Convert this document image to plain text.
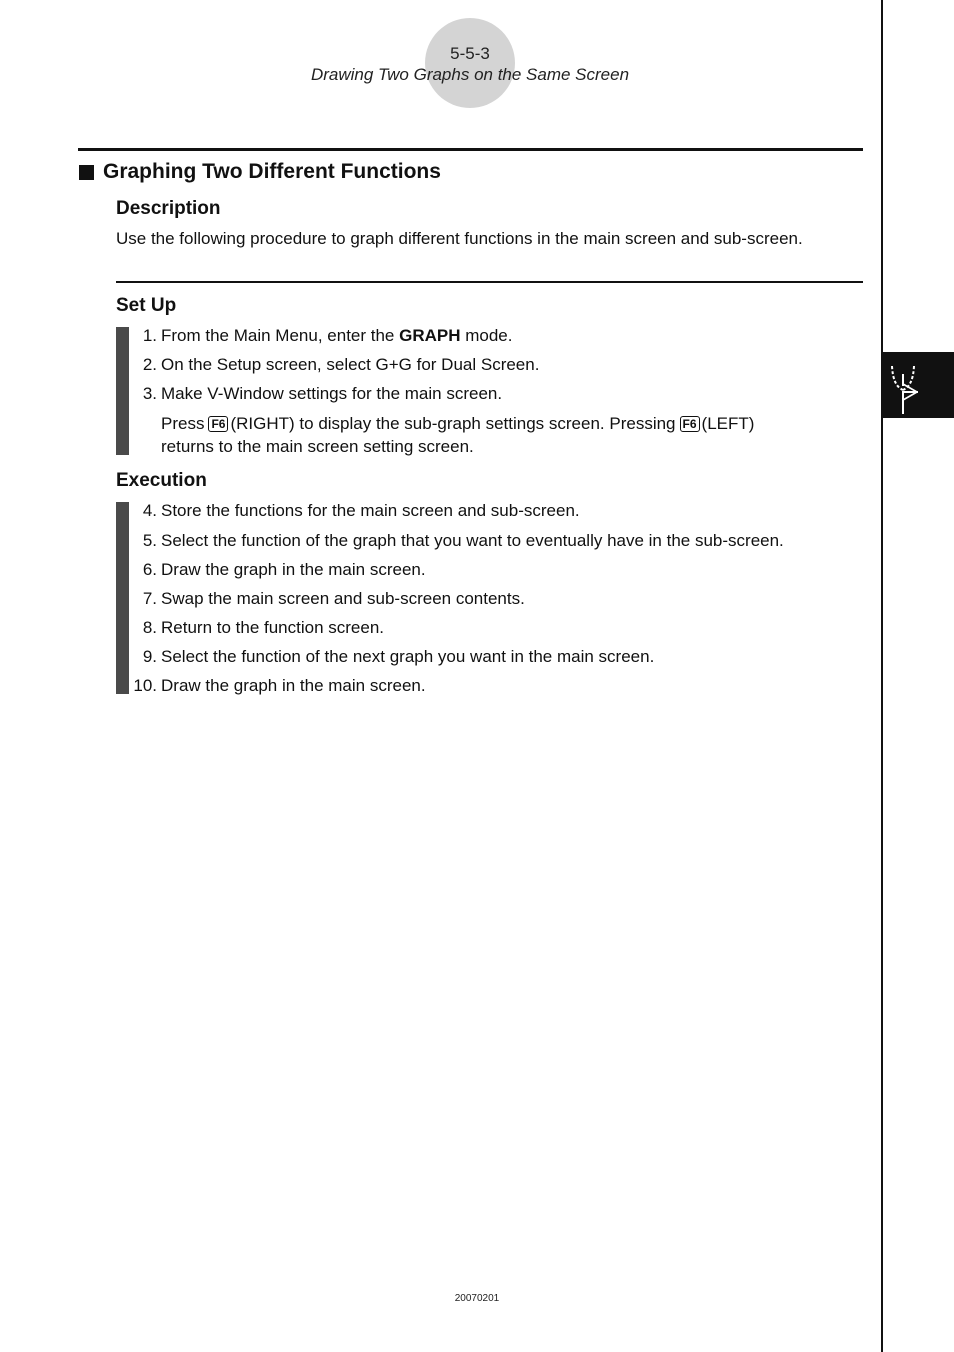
5-5-3
Drawing Two Graphs on the Same Screen
Graphing Two Different Functions
Description
Use the following procedure to graph different functions in the main screen and sub-screen.
Set Up
1. From the Main Menu, enter the GRAPH mode.
2. On the Setup screen, select G+G for Dual Screen.
3. Make V-Window settings for the main screen.
Press F6 (RIGHT) to display the sub-graph settings screen. Pressing F6 (LEFT)
returns to the main screen setting screen.
Execution
4. Store the functions for the main screen and sub-screen.
5. Select the function of the graph that you want to eventually have in the sub-screen.
6. Draw the graph in the main screen.
7. Swap the main screen and sub-screen contents.
8. Return to the function screen.
9. Select the function of the next graph you want in the main screen.
10. Draw the graph in the main screen.
20070201
